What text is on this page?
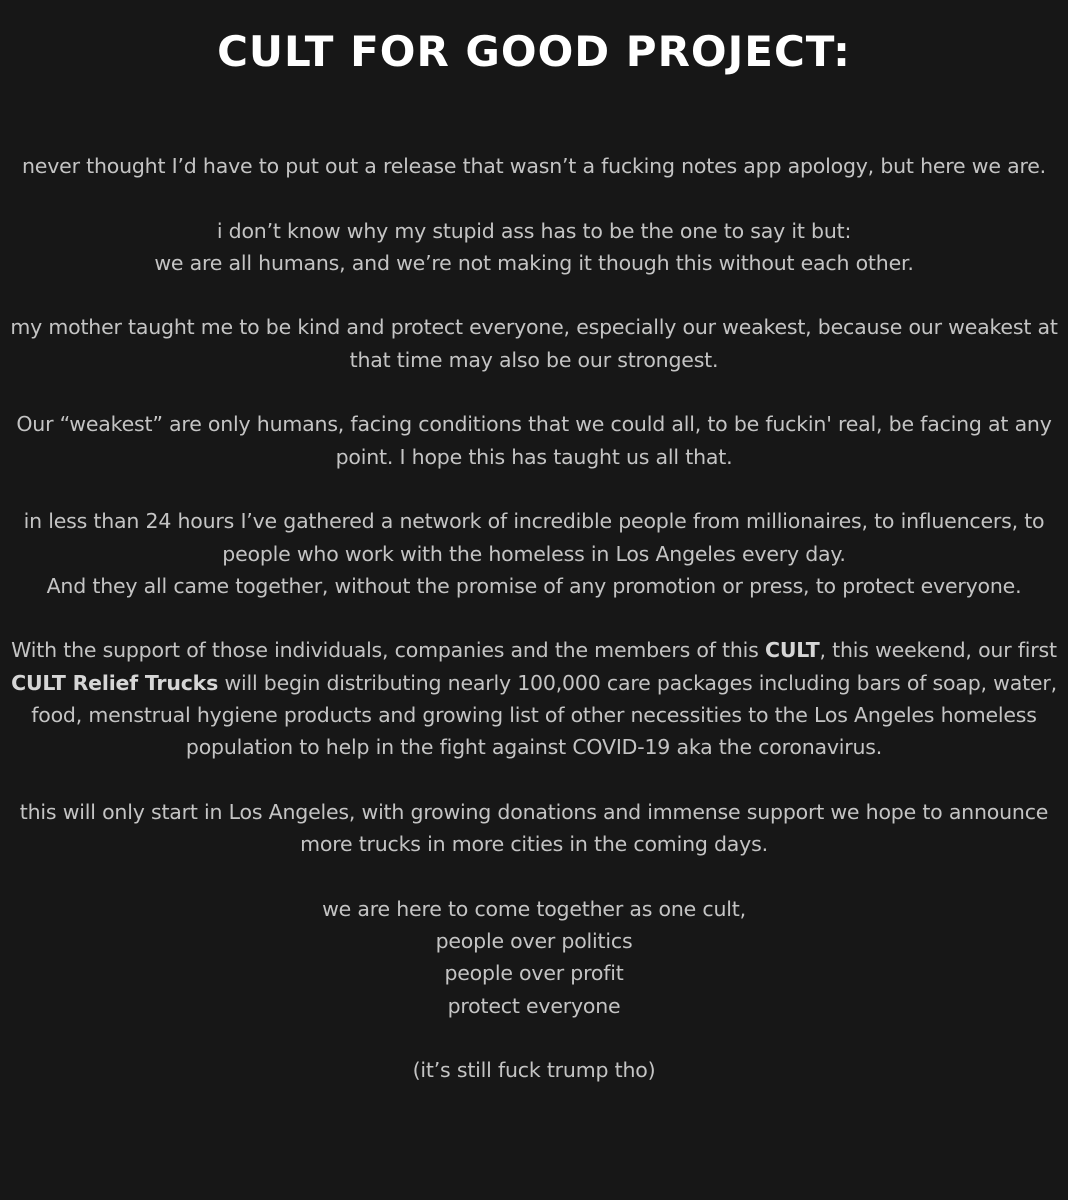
CULT FOR GOOD PROJECT:

never thought I’d have to put out a release that wasn’t a fucking notes app apology, but here we are.

i don’t know why my stupid ass has to be the one to say it but:
we are all humans, and we’re not making it though this without each other.

my mother taught me to be kind and protect everyone, especially our weakest, because our weakest at that time may also be our strongest.

Our “weakest” are only humans, facing conditions that we could all, to be fuckin' real, be facing at any point. I hope this has taught us all that.

in less than 24 hours I’ve gathered a network of incredible people from millionaires, to influencers, to people who work with the homeless in Los Angeles every day.
And they all came together, without the promise of any promotion or press, to protect everyone.

With the support of those individuals, companies and the members of this CULT, this weekend, our first CULT Relief Trucks will begin distributing nearly 100,000 care packages including bars of soap, water, food, menstrual hygiene products and growing list of other necessities to the Los Angeles homeless population to help in the fight against COVID-19 aka the coronavirus.

this will only start in Los Angeles, with growing donations and immense support we hope to announce more trucks in more cities in the coming days.

we are here to come together as one cult,
people over politics
people over profit
protect everyone

(it’s still fuck trump tho)
